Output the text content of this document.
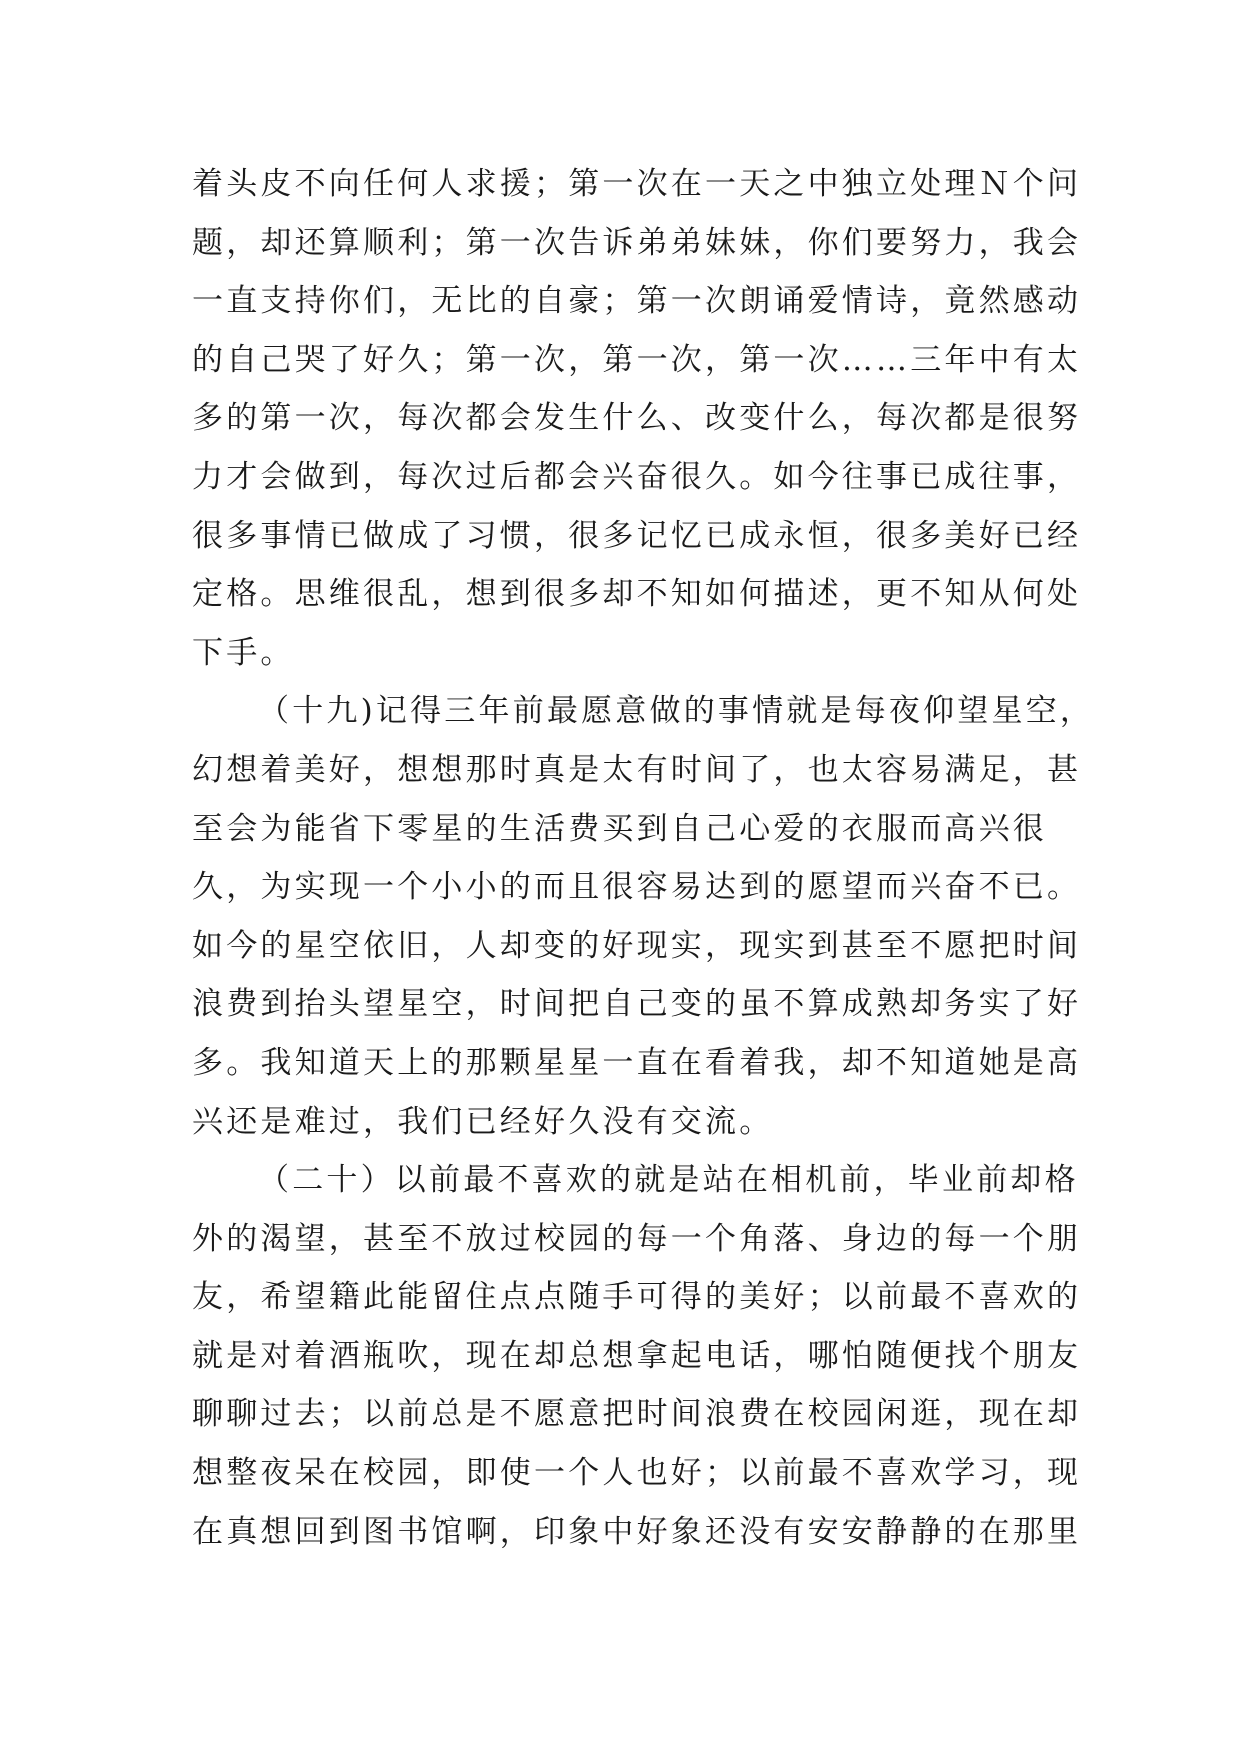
着头皮不向任何人求援；第一次在一天之中独立处理Ｎ个问
题，却还算顺利；第一次告诉弟弟妹妹，你们要努力，我会
一直支持你们，无比的自豪；第一次朗诵爱情诗，竟然感动
的自己哭了好久；第一次，第一次，第一次……三年中有太
多的第一次，每次都会发生什么、改变什么，每次都是很努
力才会做到，每次过后都会兴奋很久。如今往事已成往事，
很多事情已做成了习惯，很多记忆已成永恒，很多美好已经
定格。思维很乱，想到很多却不知如何描述，更不知从何处
下手。
（十九)记得三年前最愿意做的事情就是每夜仰望星空，
幻想着美好，想想那时真是太有时间了，也太容易满足，甚
至会为能省下零星的生活费买到自己心爱的衣服而高兴很
久，为实现一个小小的而且很容易达到的愿望而兴奋不已。
如今的星空依旧，人却变的好现实，现实到甚至不愿把时间
浪费到抬头望星空，时间把自己变的虽不算成熟却务实了好
多。我知道天上的那颗星星一直在看着我，却不知道她是高
兴还是难过，我们已经好久没有交流。
（二十）以前最不喜欢的就是站在相机前，毕业前却格
外的渴望，甚至不放过校园的每一个角落、身边的每一个朋
友，希望籍此能留住点点随手可得的美好；以前最不喜欢的
就是对着酒瓶吹，现在却总想拿起电话，哪怕随便找个朋友
聊聊过去；以前总是不愿意把时间浪费在校园闲逛，现在却
想整夜呆在校园，即使一个人也好；以前最不喜欢学习，现
在真想回到图书馆啊，印象中好象还没有安安静静的在那里
